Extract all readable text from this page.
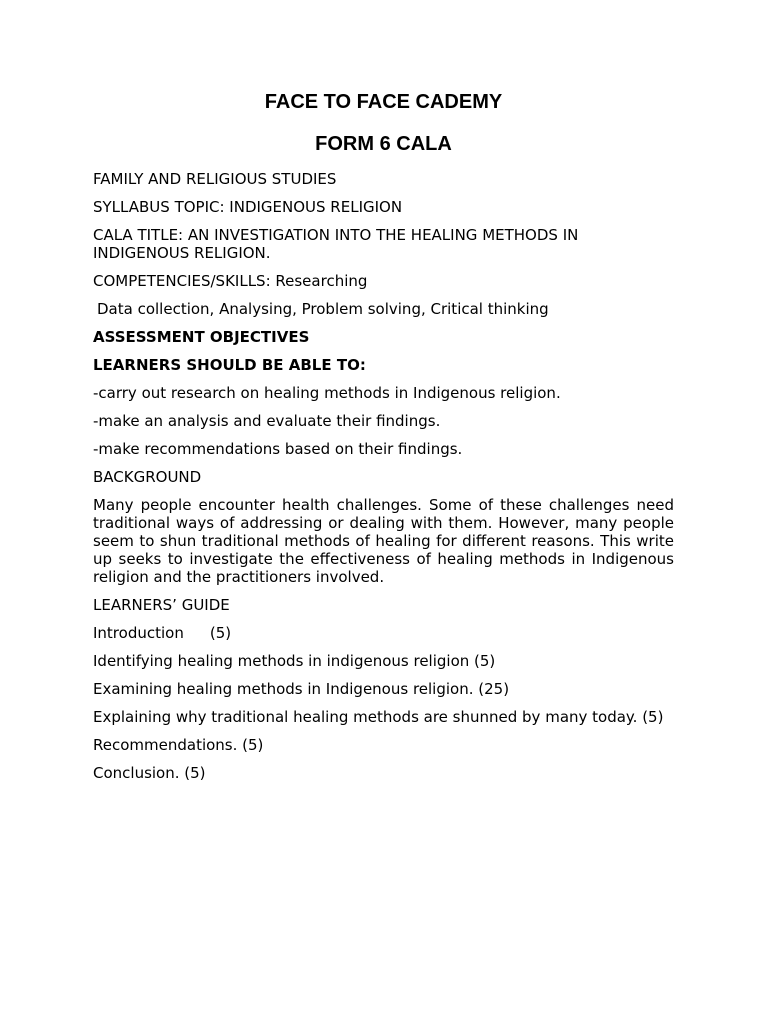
FACE TO FACE CADEMY
FORM 6 CALA

FAMILY AND RELIGIOUS STUDIES

SYLLABUS TOPIC: INDIGENOUS RELIGION

CALA TITLE: AN INVESTIGATION INTO THE HEALING METHODS IN INDIGENOUS RELIGION.

COMPETENCIES/SKILLS: Researching

Data collection, Analysing, Problem solving, Critical thinking

ASSESSMENT OBJECTIVES

LEARNERS SHOULD BE ABLE TO:

-carry out research on healing methods in Indigenous religion.

-make an analysis and evaluate their findings.

-make recommendations based on their findings.

BACKGROUND

Many people encounter health challenges. Some of these challenges need traditional ways of addressing or dealing with them. However, many people seem to shun traditional methods of healing for different reasons. This write up seeks to investigate the effectiveness of healing methods in Indigenous religion and the practitioners involved.

LEARNERS’ GUIDE

Introduction (5)

Identifying healing methods in indigenous religion (5)

Examining healing methods in Indigenous religion. (25)

Explaining why traditional healing methods are shunned by many today. (5)

Recommendations. (5)

Conclusion. (5)
